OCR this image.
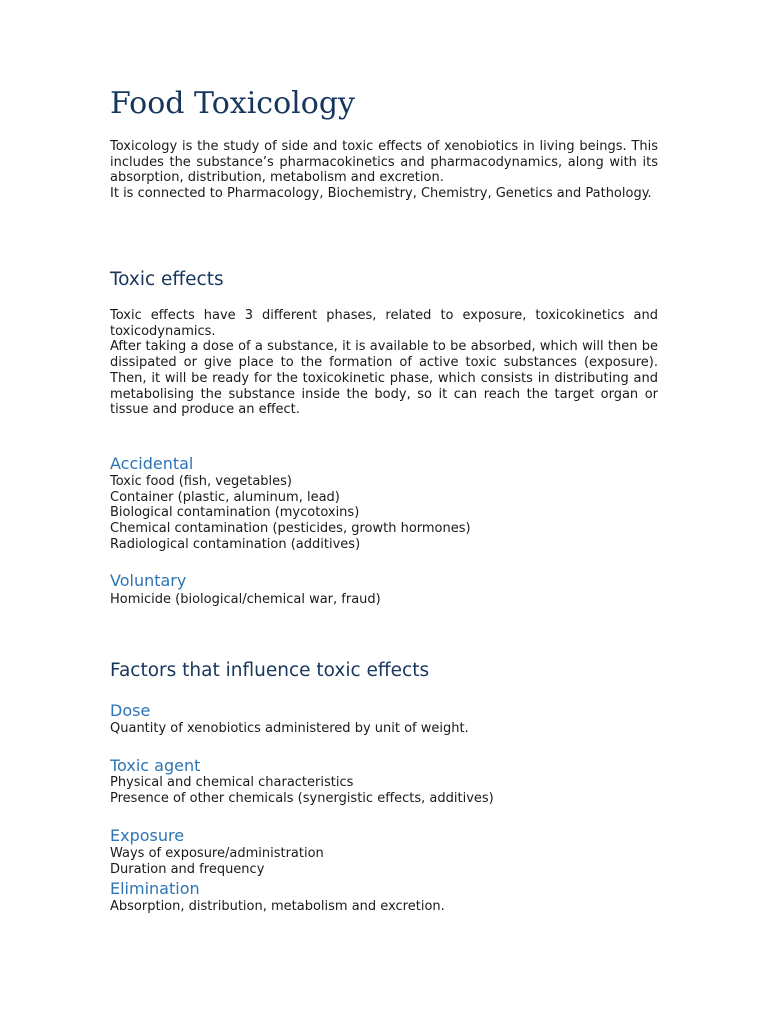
Food Toxicology

Toxicology is the study of side and toxic effects of xenobiotics in living beings. This includes the substance’s pharmacokinetics and pharmacodynamics, along with its absorption, distribution, metabolism and excretion.

It is connected to Pharmacology, Biochemistry, Chemistry, Genetics and Pathology.

Toxic effects

Toxic effects have 3 different phases, related to exposure, toxicokinetics and toxicodynamics.

After taking a dose of a substance, it is available to be absorbed, which will then be dissipated or give place to the formation of active toxic substances (exposure). Then, it will be ready for the toxicokinetic phase, which consists in distributing and metabolising the substance inside the body, so it can reach the target organ or tissue and produce an effect.

Accidental
Toxic food (fish, vegetables)
Container (plastic, aluminum, lead)
Biological contamination (mycotoxins)
Chemical contamination (pesticides, growth hormones)
Radiological contamination (additives)
Voluntary
Homicide (biological/chemical war, fraud)
Factors that influence toxic effects
Dose
Quantity of xenobiotics administered by unit of weight.
Toxic agent
Physical and chemical characteristics
Presence of other chemicals (synergistic effects, additives)
Exposure
Ways of exposure/administration
Duration and frequency
Elimination
Absorption, distribution, metabolism and excretion.
